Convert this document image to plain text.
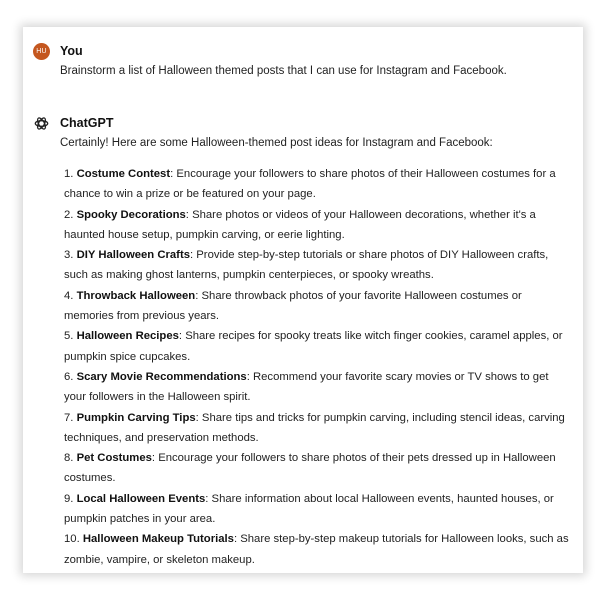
HU You
Brainstorm a list of Halloween themed posts that I can use for Instagram and Facebook.
ChatGPT
Certainly! Here are some Halloween-themed post ideas for Instagram and Facebook:
1. Costume Contest: Encourage your followers to share photos of their Halloween costumes for a chance to win a prize or be featured on your page.
2. Spooky Decorations: Share photos or videos of your Halloween decorations, whether it's a haunted house setup, pumpkin carving, or eerie lighting.
3. DIY Halloween Crafts: Provide step-by-step tutorials or share photos of DIY Halloween crafts, such as making ghost lanterns, pumpkin centerpieces, or spooky wreaths.
4. Throwback Halloween: Share throwback photos of your favorite Halloween costumes or memories from previous years.
5. Halloween Recipes: Share recipes for spooky treats like witch finger cookies, caramel apples, or pumpkin spice cupcakes.
6. Scary Movie Recommendations: Recommend your favorite scary movies or TV shows to get your followers in the Halloween spirit.
7. Pumpkin Carving Tips: Share tips and tricks for pumpkin carving, including stencil ideas, carving techniques, and preservation methods.
8. Pet Costumes: Encourage your followers to share photos of their pets dressed up in Halloween costumes.
9. Local Halloween Events: Share information about local Halloween events, haunted houses, or pumpkin patches in your area.
10. Halloween Makeup Tutorials: Share step-by-step makeup tutorials for Halloween looks, such as zombie, vampire, or skeleton makeup.
